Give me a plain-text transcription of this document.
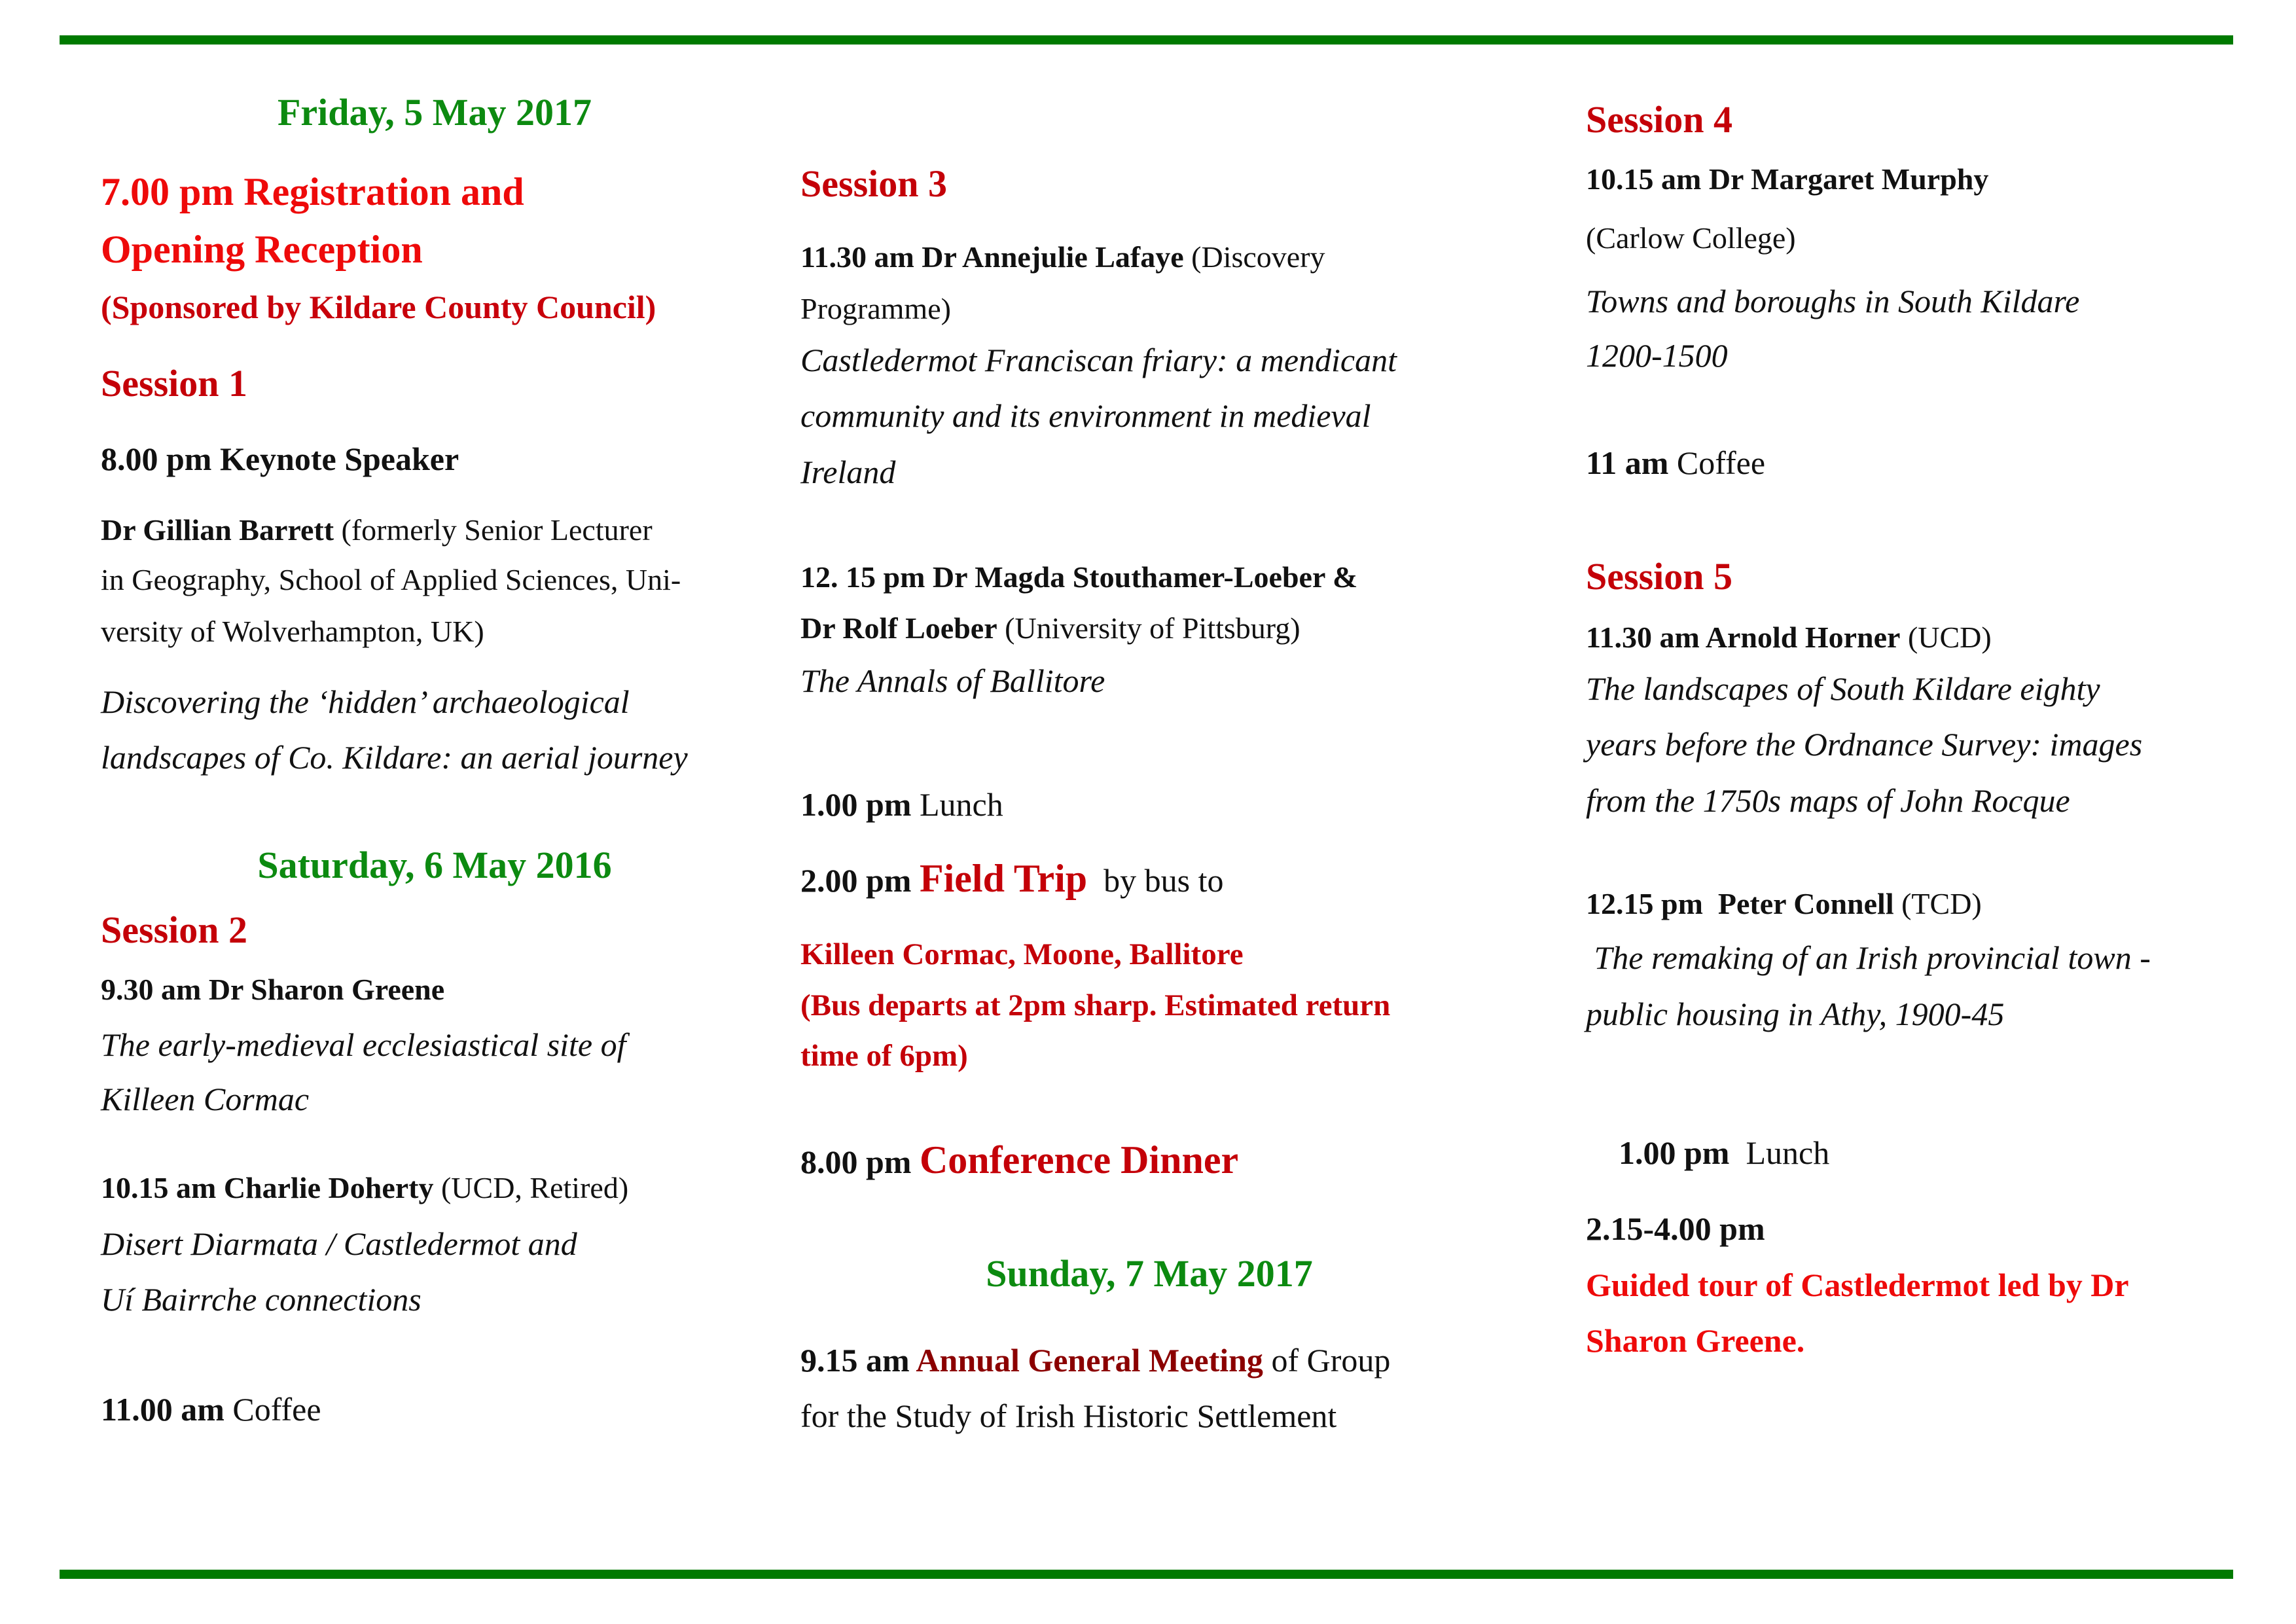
Friday, 5 May 2017
7.00 pm Registration and
Opening Reception
(Sponsored by Kildare County Council)
Session 1
8.00 pm Keynote Speaker
Dr Gillian Barrett (formerly Senior Lecturer
in Geography, School of Applied Sciences, Uni-
versity of Wolverhampton, UK)
Discovering the ‘hidden’ archaeological
landscapes of Co. Kildare: an aerial journey
Saturday, 6 May 2016
Session 2
9.30 am Dr Sharon Greene
The early-medieval ecclesiastical site of
Killeen Cormac
10.15 am Charlie Doherty (UCD, Retired)
Disert Diarmata / Castledermot and
Uí Bairrche connections
11.00 am Coffee
Session 3
11.30 am Dr Annejulie Lafaye (Discovery
Programme)
Castledermot Franciscan friary: a mendicant
community and its environment in medieval
Ireland
12. 15 pm Dr Magda Stouthamer-Loeber &
Dr Rolf Loeber (University of Pittsburg)
The Annals of Ballitore
1.00 pm Lunch
2.00 pm Field Trip  by bus to
Killeen Cormac, Moone, Ballitore
(Bus departs at 2pm sharp. Estimated return
time of 6pm)
8.00 pm Conference Dinner
Sunday, 7 May 2017
9.15 am Annual General Meeting of Group
for the Study of Irish Historic Settlement
Session 4
10.15 am Dr Margaret Murphy
(Carlow College)
Towns and boroughs in South Kildare
1200-1500
11 am Coffee
Session 5
11.30 am Arnold Horner (UCD)
The landscapes of South Kildare eighty
years before the Ordnance Survey: images
from the 1750s maps of John Rocque
12.15 pm  Peter Connell (TCD)
The remaking of an Irish provincial town -
public housing in Athy, 1900-45

1.00 pm  Lunch

2.15-4.00 pm
Guided tour of Castledermot led by Dr
Sharon Greene.
